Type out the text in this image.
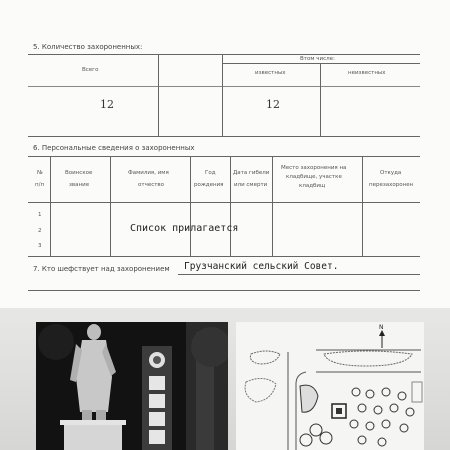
5. Количество захороненных:
Всего
Втом числе:
известных	неизвестных
12	12
6. Персональные сведения о захороненных
№
п/п
Воинское
звание
Фамилия, имя
отчество
Год
рождения
Дата гибели
или смерти
Место захоронения на
кладбище, участке
кладбищ
Откуда
перезахоронен
1
2
3
Список прилагается
7. Кто шефствует над захоронением Грузчанский сельский Совет.
N
